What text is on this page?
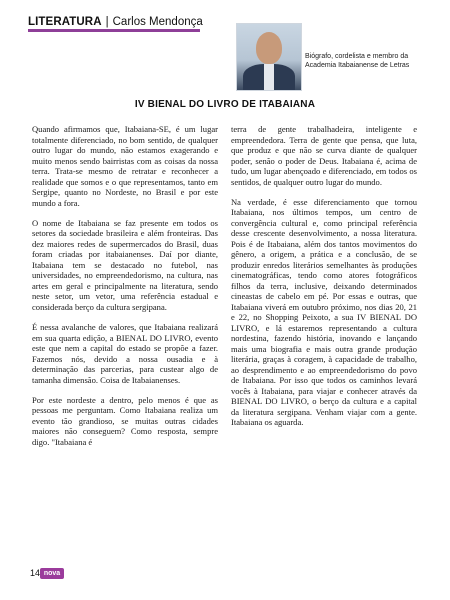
LITERATURA | Carlos Mendonça
Biógrafo, cordelista e membro da Academia Itabaianense de Letras
IV BIENAL DO LIVRO DE ITABAIANA

Quando afirmamos que, Itabaiana-SE, é um lugar totalmente diferenciado, no bom sentido, de qualquer outro lugar do mundo, não estamos exagerando e muito menos sendo bairristas com as coisas da nossa terra. Trata-se mesmo de retratar e reconhecer a realidade que somos e o que representamos, tanto em Sergipe, quanto no Nordeste, no Brasil e por este mundo a fora.

O nome de Itabaiana se faz presente em todos os setores da sociedade brasileira e além fronteiras. Das dez maiores redes de supermercados do Brasil, duas foram criadas por itabaianenses. Daí por diante, Itabaiana tem se destacado no futebol, nas universidades, no empreendedorismo, na cultura, nas artes em geral e principalmente na literatura, sendo neste setor, um vetor, uma referência estadual e considerada berço da cultura sergipana.

É nessa avalanche de valores, que Itabaiana realizará em sua quarta edição, a BIENAL DO LIVRO, evento este que nem a capital do estado se propõe a fazer. Fazemos nós, devido a nossa ousadia e à determinação das parcerias, para custear algo de tamanha dimensão. Coisa de Itabaianenses.

Por este nordeste a dentro, pelo menos é que as pessoas me perguntam. Como Itabaiana realiza um evento tão grandioso, se muitas outras cidades maiores não conseguem? Como resposta, sempre digo. "Itabaiana é

terra de gente trabalhadeira, inteligente e empreendedora. Terra de gente que pensa, que luta, que produz e que não se curva diante de qualquer poder, senão o poder de Deus. Itabaiana é, acima de tudo, um lugar abençoado e diferenciado, em todos os sentidos, de qualquer outro lugar do mundo.

Na verdade, é esse diferenciamento que tornou Itabaiana, nos últimos tempos, um centro de convergência cultural e, como principal referência desse crescente desenvolvimento, a nossa literatura. Pois é de Itabaiana, além dos tantos movimentos do gênero, a origem, a prática e a conclusão, de se produzir enredos literários semelhantes às produções cinematográficas, tendo como atores fotográficos filhos da terra, inclusive, deixando determinados cineastas de cabelo em pé. Por essas e outras, que Itabaiana viverá em outubro próximo, nos dias 20, 21 e 22, no Shopping Peixoto, a sua IV BIENAL DO LIVRO, e lá estaremos representando a cultura nordestina, fazendo história, inovando e lançando mais uma biografia e mais outra grande produção literária, graças à coragem, à capacidade de trabalho, ao desprendimento e ao empreendedorismo do povo de Itabaiana. Por isso que todos os caminhos levará vocês à Itabaiana, para viajar e conhecer através da BIENAL DO LIVRO, o berço da cultura e a capital da literatura sergipana. Venham viajar com a gente. Itabaiana os aguarda.

14 nova
